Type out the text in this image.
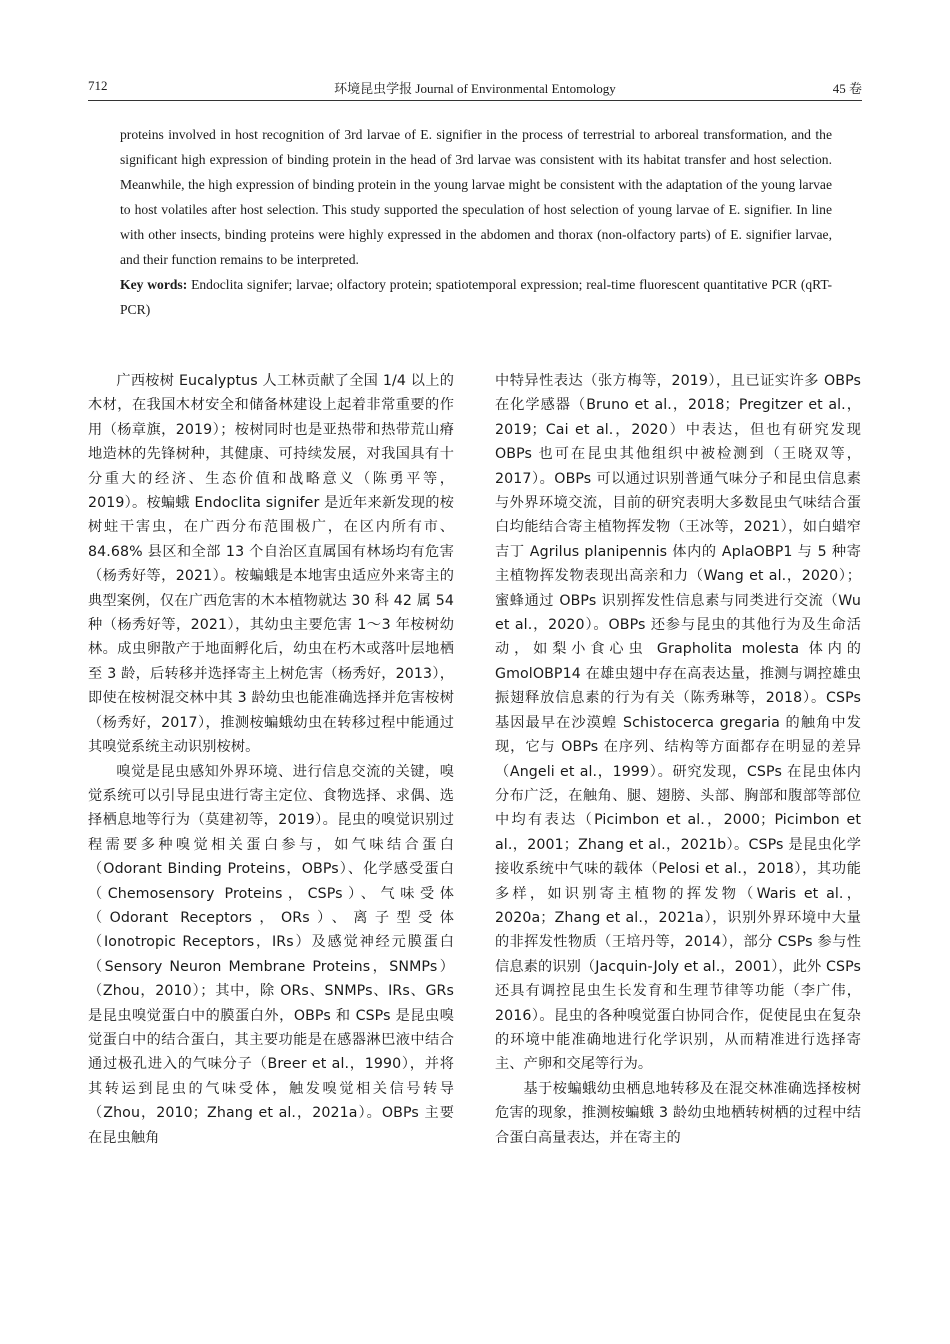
712	环境昆虫学报 Journal of Environmental Entomology	45 卷

proteins involved in host recognition of 3rd larvae of E. signifier in the process of terrestrial to arboreal transformation, and the significant high expression of binding protein in the head of 3rd larvae was consistent with its habitat transfer and host selection. Meanwhile, the high expression of binding protein in the young larvae might be consistent with the adaptation of the young larvae to host volatiles after host selection. This study supported the speculation of host selection of young larvae of E. signifier. In line with other insects, binding proteins were highly expressed in the abdomen and thorax (non-olfactory parts) of E. signifier larvae, and their function remains to be interpreted.

Key words: Endoclita signifer; larvae; olfactory protein; spatiotemporal expression; real-time fluorescent quantitative PCR (qRT-PCR)

广西桉树 Eucalyptus 人工林贡献了全国 1/4 以上的木材，在我国木材安全和储备林建设上起着非常重要的作用（杨章旗，2019）；桉树同时也是亚热带和热带荒山瘠地造林的先锋树种，其健康、可持续发展，对我国具有十分重大的经济、生态价值和战略意义（陈勇平等，2019）。桉蝙蛾 Endoclita signifer 是近年来新发现的桉树蛀干害虫，在广西分布范围极广，在区内所有市、84.68% 县区和全部 13 个自治区直属国有林场均有危害（杨秀好等，2021）。桉蝙蛾是本地害虫适应外来寄主的典型案例，仅在广西危害的木本植物就达 30 科 42 属 54 种（杨秀好等，2021），其幼虫主要危害 1～3 年桉树幼林。成虫卵散产于地面孵化后，幼虫在朽木或落叶层地栖至 3 龄，后转移并选择寄主上树危害（杨秀好，2013），即使在桉树混交林中其 3 龄幼虫也能准确选择并危害桉树（杨秀好，2017），推测桉蝙蛾幼虫在转移过程中能通过其嗅觉系统主动识别桉树。

嗅觉是昆虫感知外界环境、进行信息交流的关键，嗅觉系统可以引导昆虫进行寄主定位、食物选择、求偶、选择栖息地等行为（莫建初等，2019）。昆虫的嗅觉识别过程需要多种嗅觉相关蛋白参与，如气味结合蛋白（Odorant Binding Proteins，OBPs）、化学感受蛋白（Chemosensory Proteins，CSPs）、气味受体（Odorant Receptors，ORs）、离子型受体（Ionotropic Receptors，IRs）及感觉神经元膜蛋白（Sensory Neuron Membrane Proteins，SNMPs）（Zhou，2010）；其中，除 ORs、SNMPs、IRs、GRs 是昆虫嗅觉蛋白中的膜蛋白外，OBPs 和 CSPs 是昆虫嗅觉蛋白中的结合蛋白，其主要功能是在感器淋巴液中结合通过极孔进入的气味分子（Breer et al.，1990），并将其转运到昆虫的气味受体，触发嗅觉相关信号转导（Zhou，2010；Zhang et al.，2021a）。OBPs 主要在昆虫触角

中特异性表达（张方梅等，2019），且已证实许多 OBPs 在化学感器（Bruno et al.，2018；Pregitzer et al.，2019；Cai et al.，2020）中表达，但也有研究发现 OBPs 也可在昆虫其他组织中被检测到（王晓双等，2017）。OBPs 可以通过识别普通气味分子和昆虫信息素与外界环境交流，目前的研究表明大多数昆虫气味结合蛋白均能结合寄主植物挥发物（王冰等，2021），如白蜡窄吉丁 Agrilus planipennis 体内的 AplaOBP1 与 5 种寄主植物挥发物表现出高亲和力（Wang et al.，2020）；蜜蜂通过 OBPs 识别挥发性信息素与同类进行交流（Wu et al.，2020）。OBPs 还参与昆虫的其他行为及生命活动，如梨小食心虫 Grapholita molesta 体内的 GmolOBP14 在雄虫翅中存在高表达量，推测与调控雄虫振翅释放信息素的行为有关（陈秀琳等，2018）。CSPs 基因最早在沙漠蝗 Schistocerca gregaria 的触角中发现，它与 OBPs 在序列、结构等方面都存在明显的差异（Angeli et al.，1999）。研究发现，CSPs 在昆虫体内分布广泛，在触角、腿、翅膀、头部、胸部和腹部等部位中均有表达（Picimbon et al.，2000；Picimbon et al.，2001；Zhang et al.，2021b）。CSPs 是昆虫化学接收系统中气味的载体（Pelosi et al.，2018），其功能多样，如识别寄主植物的挥发物（Waris et al.，2020a；Zhang et al.，2021a），识别外界环境中大量的非挥发性物质（王培丹等，2014），部分 CSPs 参与性信息素的识别（Jacquin-Joly et al.，2001），此外 CSPs 还具有调控昆虫生长发育和生理节律等功能（李广伟，2016）。昆虫的各种嗅觉蛋白协同合作，促使昆虫在复杂的环境中能准确地进行化学识别，从而精准进行选择寄主、产卵和交尾等行为。

基于桉蝙蛾幼虫栖息地转移及在混交林准确选择桉树危害的现象，推测桉蝙蛾 3 龄幼虫地栖转树栖的过程中结合蛋白高量表达，并在寄主的
